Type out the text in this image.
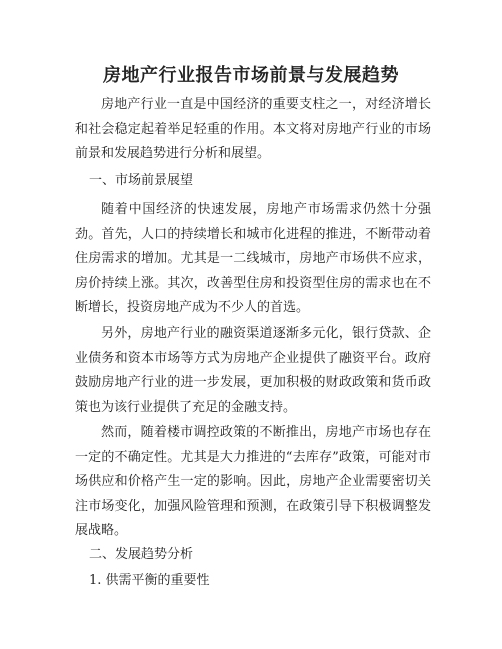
房地产行业报告市场前景与发展趋势

房地产行业一直是中国经济的重要支柱之一，对经济增长和社会稳定起着举足轻重的作用。本文将对房地产行业的市场前景和发展趋势进行分析和展望。

一、市场前景展望

随着中国经济的快速发展，房地产市场需求仍然十分强劲。首先，人口的持续增长和城市化进程的推进，不断带动着住房需求的增加。尤其是一二线城市，房地产市场供不应求，房价持续上涨。其次，改善型住房和投资型住房的需求也在不断增长，投资房地产成为不少人的首选。

另外，房地产行业的融资渠道逐渐多元化，银行贷款、企业债务和资本市场等方式为房地产企业提供了融资平台。政府鼓励房地产行业的进一步发展，更加积极的财政政策和货币政策也为该行业提供了充足的金融支持。

然而，随着楼市调控政策的不断推出，房地产市场也存在一定的不确定性。尤其是大力推进的“去库存”政策，可能对市场供应和价格产生一定的影响。因此，房地产企业需要密切关注市场变化，加强风险管理和预测，在政策引导下积极调整发展战略。

二、发展趋势分析

1. 供需平衡的重要性
